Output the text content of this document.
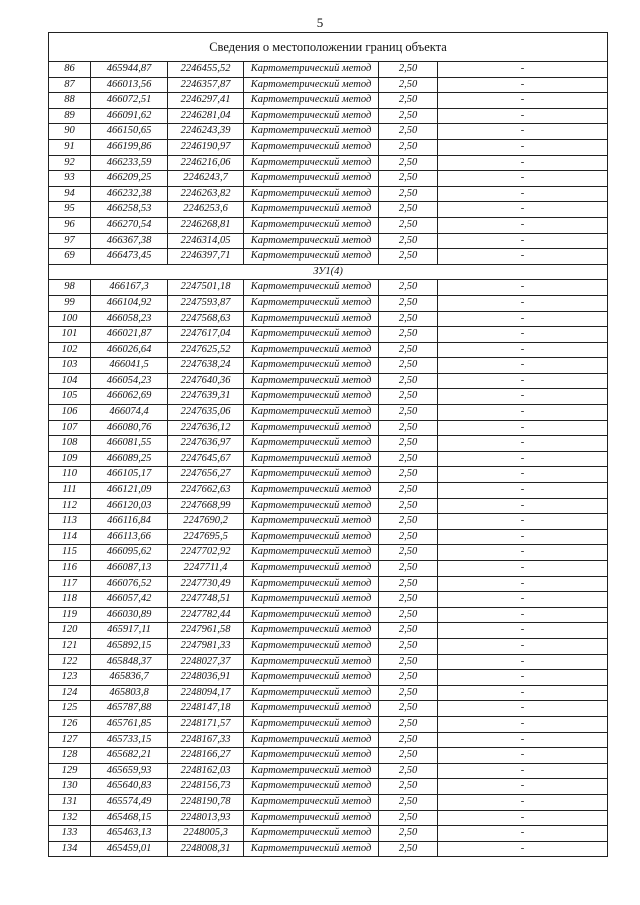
5
Сведения о местоположении границ объекта					
86	465944,87	2246455,52	Картометрический метод	2,50	-
87	466013,56	2246357,87	Картометрический метод	2,50	-
88	466072,51	2246297,41	Картометрический метод	2,50	-
89	466091,62	2246281,04	Картометрический метод	2,50	-
90	466150,65	2246243,39	Картометрический метод	2,50	-
91	466199,86	2246190,97	Картометрический метод	2,50	-
92	466233,59	2246216,06	Картометрический метод	2,50	-
93	466209,25	2246243,7	Картометрический метод	2,50	-
94	466232,38	2246263,82	Картометрический метод	2,50	-
95	466258,53	2246253,6	Картометрический метод	2,50	-
96	466270,54	2246268,81	Картометрический метод	2,50	-
97	466367,38	2246314,05	Картометрический метод	2,50	-
69	466473,45	2246397,71	Картометрический метод	2,50	-
ЗУ1(4)					
98	466167,3	2247501,18	Картометрический метод	2,50	-
99	466104,92	2247593,87	Картометрический метод	2,50	-
100	466058,23	2247568,63	Картометрический метод	2,50	-
101	466021,87	2247617,04	Картометрический метод	2,50	-
102	466026,64	2247625,52	Картометрический метод	2,50	-
103	466041,5	2247638,24	Картометрический метод	2,50	-
104	466054,23	2247640,36	Картометрический метод	2,50	-
105	466062,69	2247639,31	Картометрический метод	2,50	-
106	466074,4	2247635,06	Картометрический метод	2,50	-
107	466080,76	2247636,12	Картометрический метод	2,50	-
108	466081,55	2247636,97	Картометрический метод	2,50	-
109	466089,25	2247645,67	Картометрический метод	2,50	-
110	466105,17	2247656,27	Картометрический метод	2,50	-
111	466121,09	2247662,63	Картометрический метод	2,50	-
112	466120,03	2247668,99	Картометрический метод	2,50	-
113	466116,84	2247690,2	Картометрический метод	2,50	-
114	466113,66	2247695,5	Картометрический метод	2,50	-
115	466095,62	2247702,92	Картометрический метод	2,50	-
116	466087,13	2247711,4	Картометрический метод	2,50	-
117	466076,52	2247730,49	Картометрический метод	2,50	-
118	466057,42	2247748,51	Картометрический метод	2,50	-
119	466030,89	2247782,44	Картометрический метод	2,50	-
120	465917,11	2247961,58	Картометрический метод	2,50	-
121	465892,15	2247981,33	Картометрический метод	2,50	-
122	465848,37	2248027,37	Картометрический метод	2,50	-
123	465836,7	2248036,91	Картометрический метод	2,50	-
124	465803,8	2248094,17	Картометрический метод	2,50	-
125	465787,88	2248147,18	Картометрический метод	2,50	-
126	465761,85	2248171,57	Картометрический метод	2,50	-
127	465733,15	2248167,33	Картометрический метод	2,50	-
128	465682,21	2248166,27	Картометрический метод	2,50	-
129	465659,93	2248162,03	Картометрический метод	2,50	-
130	465640,83	2248156,73	Картометрический метод	2,50	-
131	465574,49	2248190,78	Картометрический метод	2,50	-
132	465468,15	2248013,93	Картометрический метод	2,50	-
133	465463,13	2248005,3	Картометрический метод	2,50	-
134	465459,01	2248008,31	Картометрический метод	2,50	-
